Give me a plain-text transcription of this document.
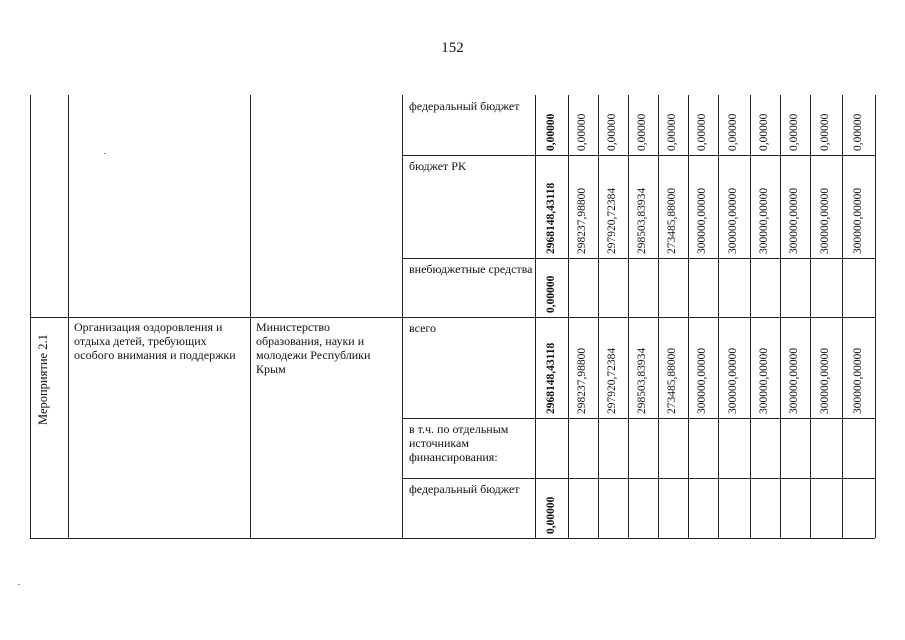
152
Мероприятие 2.1
Организация оздоровления и отдыха детей, требующих особого внимания и поддержки
Министерство образования, науки и молодежи Республики Крым
федеральный бюджет
0,00000 0,00000 0,00000 0,00000 0,00000 0,00000 0,00000 0,00000 0,00000 0,00000 0,00000
бюджет РК
2968148,43118 298237,98800 297920,72384 298503,83934 273485,88000 300000,00000 300000,00000 300000,00000 300000,00000 300000,00000 300000,00000
внебюджетные средства
0,00000
всего
2968148,43118 298237,98800 297920,72384 298503,83934 273485,88000 300000,00000 300000,00000 300000,00000 300000,00000 300000,00000 300000,00000
в т.ч. по отдельным источникам финансирования:
федеральный бюджет
0,00000
